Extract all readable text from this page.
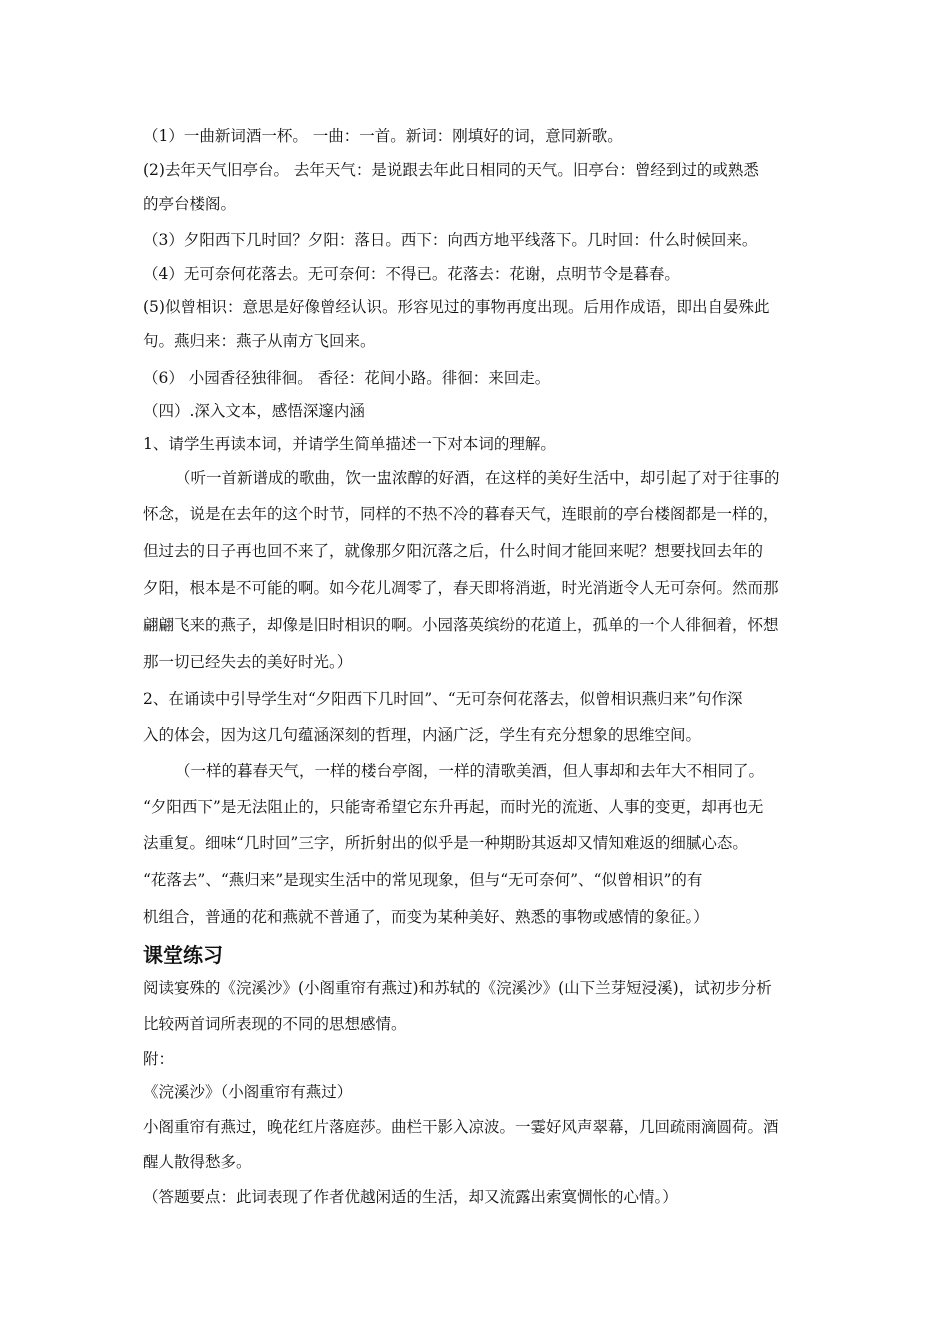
（1）一曲新词酒一杯。 一曲：一首。新词：刚填好的词，意同新歌。

(2)去年天气旧亭台。 去年天气：是说跟去年此日相同的天气。旧亭台：曾经到过的或熟悉

的亭台楼阁。

（3）夕阳西下几时回？夕阳：落日。西下：向西方地平线落下。几时回：什么时候回来。

（4）无可奈何花落去。无可奈何：不得已。花落去：花谢，点明节令是暮春。

(5)似曾相识：意思是好像曾经认识。形容见过的事物再度出现。后用作成语，即出自晏殊此

句。燕归来：燕子从南方飞回来。

（6） 小园香径独徘徊。 香径：花间小路。徘徊：来回走。

（四）.深入文本，感悟深邃内涵

1、请学生再读本词，并请学生简单描述一下对本词的理解。

（听一首新谱成的歌曲，饮一盅浓醇的好酒，在这样的美好生活中，却引起了对于往事的

怀念，说是在去年的这个时节，同样的不热不冷的暮春天气，连眼前的亭台楼阁都是一样的，

但过去的日子再也回不来了，就像那夕阳沉落之后，什么时间才能回来呢？想要找回去年的

夕阳，根本是不可能的啊。如今花儿凋零了，春天即将消逝，时光消逝令人无可奈何。然而那

翩翩飞来的燕子，却像是旧时相识的啊。小园落英缤纷的花道上，孤单的一个人徘徊着，怀想

那一切已经失去的美好时光。）

2、在诵读中引导学生对“夕阳西下几时回”、“无可奈何花落去，似曾相识燕归来”句作深

入的体会，因为这几句蕴涵深刻的哲理，内涵广泛，学生有充分想象的思维空间。

（一样的暮春天气，一样的楼台亭阁，一样的清歌美酒，但人事却和去年大不相同了。

“夕阳西下”是无法阻止的，只能寄希望它东升再起，而时光的流逝、人事的变更，却再也无

法重复。细味“几时回”三字，所折射出的似乎是一种期盼其返却又情知难返的细腻心态。

“花落去”、“燕归来”是现实生活中的常见现象，但与“无可奈何”、“似曾相识”的有

机组合，普通的花和燕就不普通了，而变为某种美好、熟悉的事物或感情的象征。）

课堂练习

阅读宴殊的《浣溪沙》(小阁重帘有燕过)和苏轼的《浣溪沙》(山下兰芽短浸溪)，试初步分析

比较两首词所表现的不同的思想感情。

附：

《浣溪沙》（小阁重帘有燕过）

小阁重帘有燕过，晚花红片落庭莎。曲栏干影入凉波。一霎好风声翠幕，几回疏雨滴圆荷。酒

醒人散得愁多。

（答题要点：此词表现了作者优越闲适的生活，却又流露出索寞惆怅的心情。）
